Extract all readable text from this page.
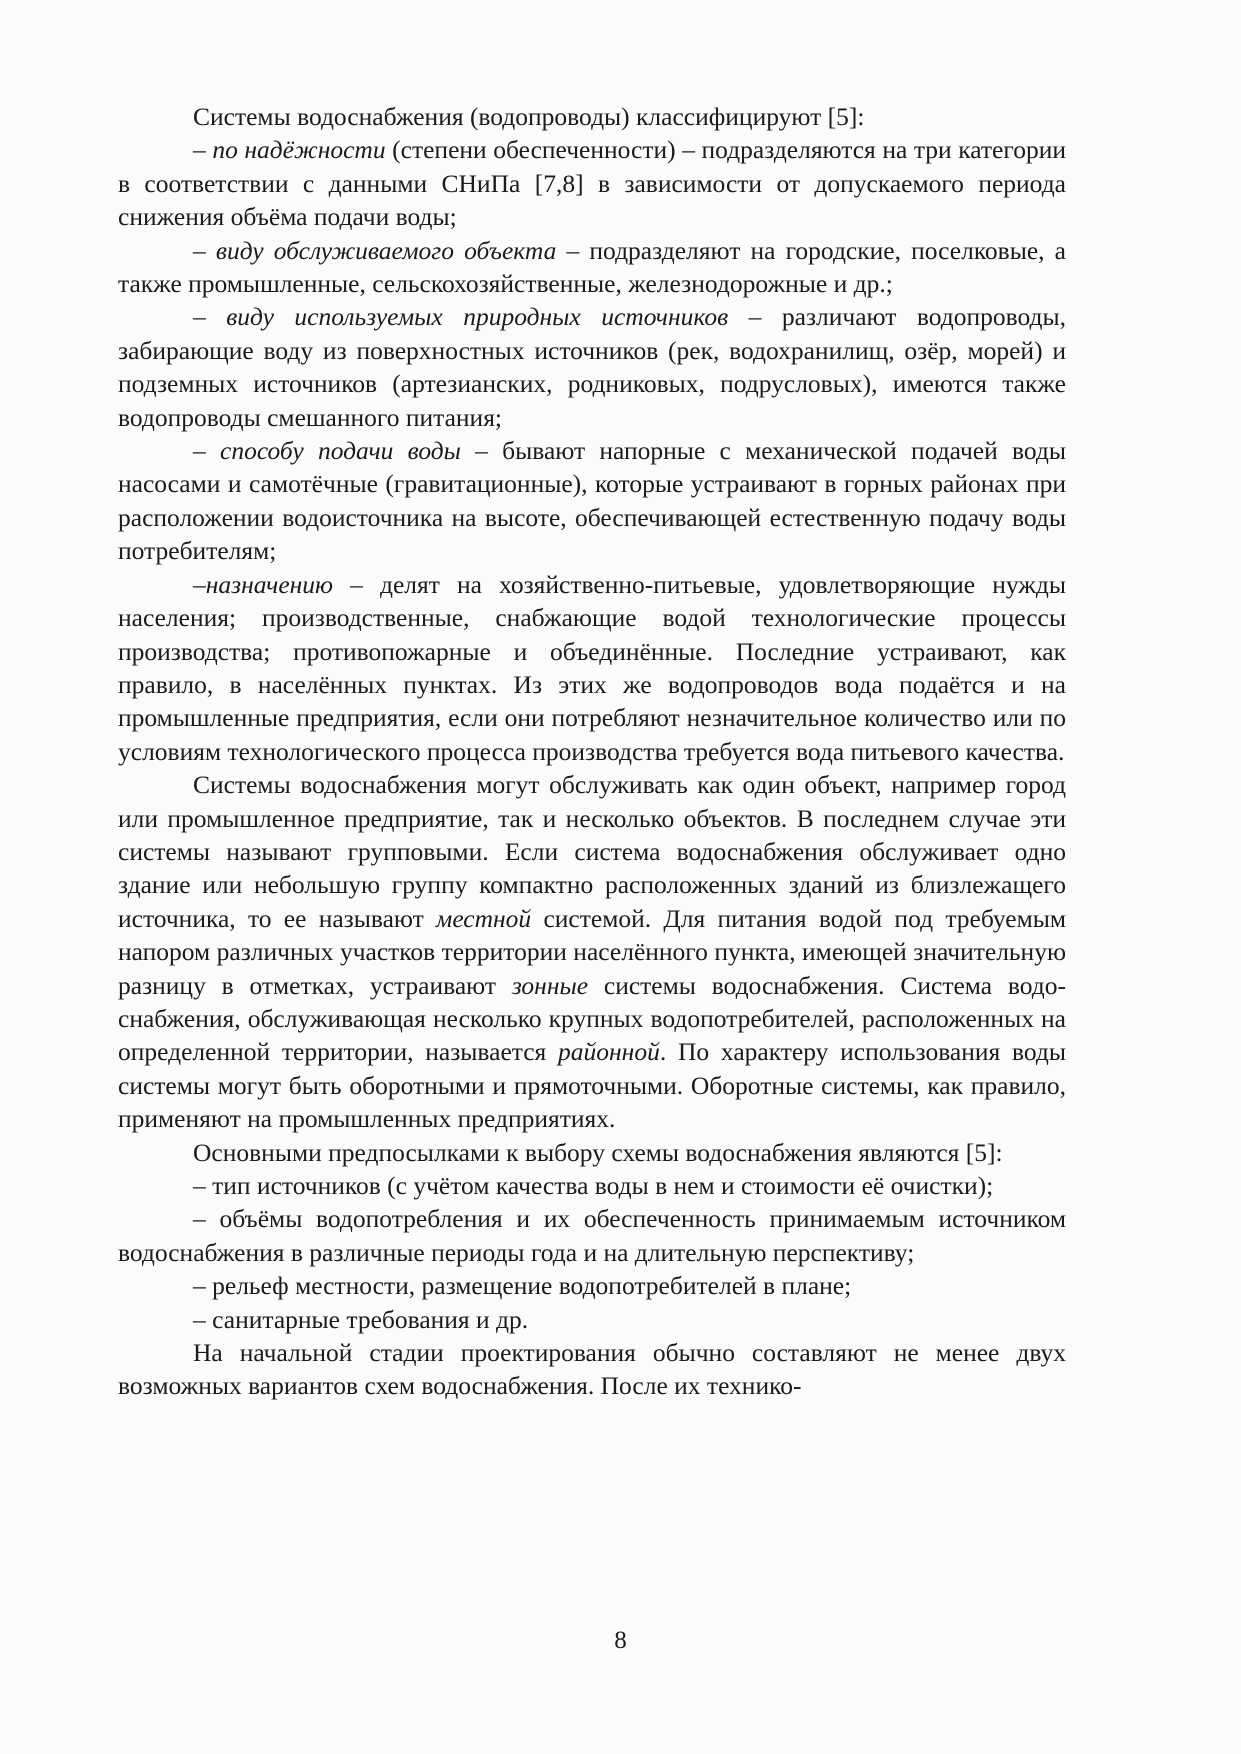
Системы водоснабжения (водопроводы) классифицируют [5]:

– по надёжности (степени обеспеченности) – подразделяются на три категории в соответствии с данными СНиПа [7,8] в зависимости от допускаемого периода снижения объёма подачи воды;

– виду обслуживаемого объекта – подразделяют на городские, поселковые, а также промышленные, сельскохозяйственные, железнодорожные и др.;

– виду используемых природных источников – различают водопроводы, забирающие воду из поверхностных источников (рек, водохранилищ, озёр, морей) и подземных источников (артезианских, родниковых, подрусловых), имеются также водопроводы смешанного питания;

– способу подачи воды – бывают напорные с механической подачей воды насосами и самотёчные (гравитационные), которые устраивают в горных районах при расположении водоисточника на высоте, обеспечивающей естественную подачу воды потребителям;

–назначению – делят на хозяйственно-питьевые, удовлетворяющие нужды населения; производственные, снабжающие водой технологические процессы производства; противопожарные и объединённые. Последние устраивают, как правило, в населённых пунктах. Из этих же водопроводов вода подаётся и на промышленные предприятия, если они потребляют незначительное количество или по условиям технологического процесса производства требуется вода питьевого качества.

Системы водоснабжения могут обслуживать как один объект, например город или промышленное предприятие, так и несколько объектов. В последнем случае эти системы называют групповыми. Если система водоснабжения обслуживает одно здание или небольшую группу компактно расположенных зданий из близлежащего источника, то ее называют местной системой. Для питания водой под требуемым напором различных участков территории населённого пункта, имеющей значительную разницу в отметках, устраивают зонные системы водоснабжения. Система водоснабжения, обслуживающая несколько крупных водопотребителей, расположенных на определенной территории, называется районной. По характеру использования воды системы могут быть оборотными и прямоточными. Оборотные системы, как правило, применяют на промышленных предприятиях.

Основными предпосылками к выбору схемы водоснабжения являются [5]:

– тип источников (с учётом качества воды в нем и стоимости её очистки);

– объёмы водопотребления и их обеспеченность принимаемым источником водоснабжения в различные периоды года и на длительную перспективу;

– рельеф местности, размещение водопотребителей в плане;

– санитарные требования и др.

На начальной стадии проектирования обычно составляют не менее двух возможных вариантов схем водоснабжения. После их технико-

8
